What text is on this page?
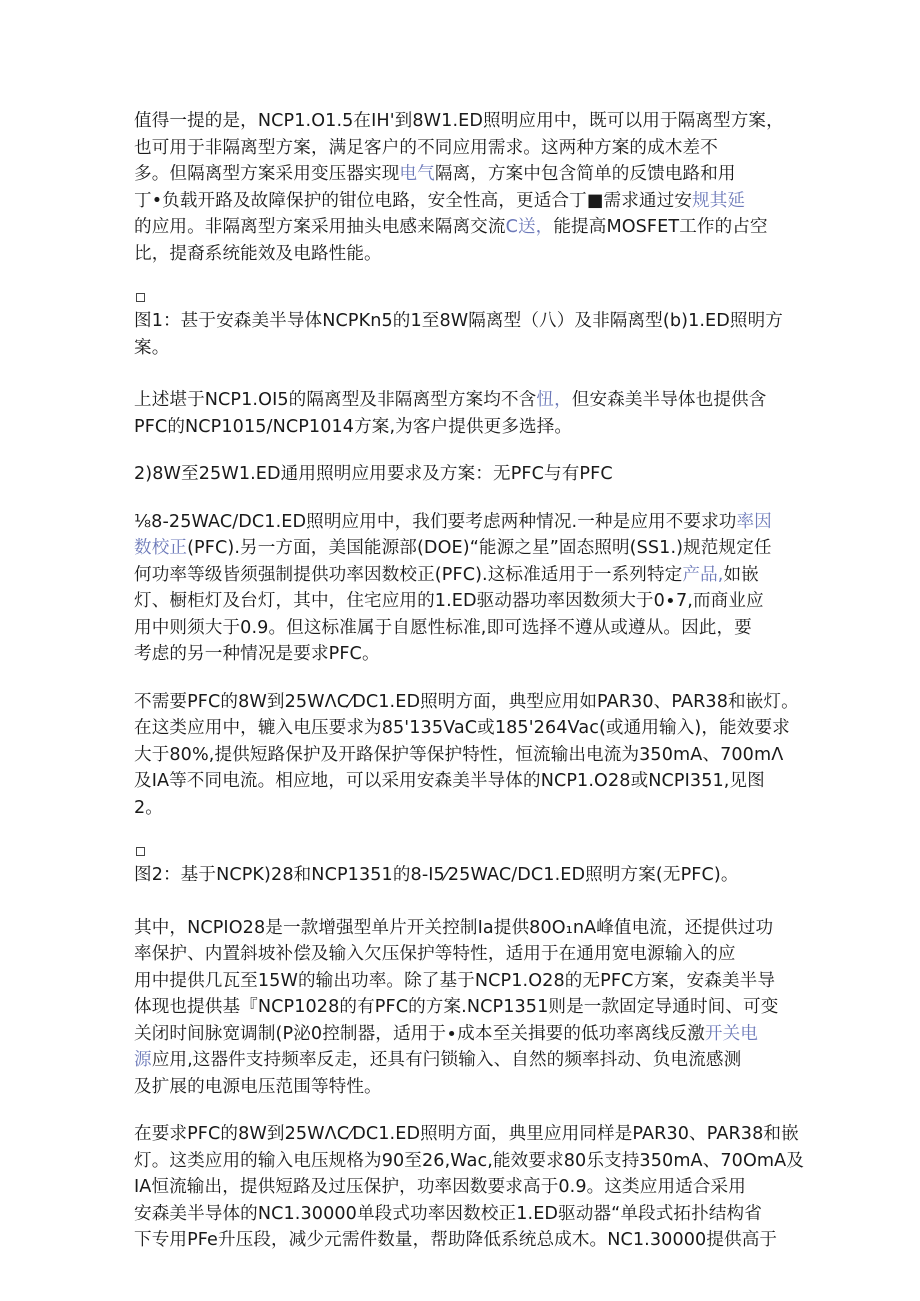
值得一提的是，NCP1.O1.5在IH'到8W1.ED照明应用中，既可以用于隔离型方案，
也可用于非隔离型方案，满足客户的不同应用需求。这两种方案的成木差不
多。但隔离型方案采用变压器实现电气隔离，方案中包含简单的反馈电路和用
丁•负载开路及故障保护的钳位电路，安全性高，更适合丁■需求通过安规其延
的应用。非隔离型方案采用抽头电感来隔离交流C送，能提高MOSFET工作的占空
比，提裔系统能效及电路性能。

图1：甚于安森美半导体NCPKn5的1至8W隔离型（八）及非隔离型(b)1.ED照明方
案。

上述堪于NCP1.OI5的隔离型及非隔离型方案均不含忸，但安森美半导体也提供含
PFC的NCP1015/NCP1014方案,为客户提供更多选择。

2)8W至25W1.ED通用照明应用要求及方案：无PFC与有PFC

⅛8-25WAC/DC1.ED照明应用中，我们要考虑两种情况.一种是应用不要求功率因
数校正(PFC).另一方面，美国能源部(DOE)“能源之星”固态照明(SS1.)规范规定任
何功率等级皆须强制提供功率因数校正(PFC).这标准适用于一系列特定产品,如嵌
灯、橱柜灯及台灯，其中，住宅应用的1.ED驱动器功率因数须大于0∙7,而商业应
用中则须大于0.9。但这标准属于自愿性标准,即可选择不遵从或遵从。因此，要
考虑的另一种情况是要求PFC。

不需要PFC的8W到25WΛC⁄DC1.ED照明方面，典型应用如PAR30、PAR38和嵌灯。
在这类应用中，辘入电压要求为85'135VaC或185'264Vac(或通用输入)，能效要求
大于80%,提供短路保护及开路保护等保护特性，恒流输出电流为350mA、700mΛ
及IA等不同电流。相应地，可以采用安森美半导体的NCP1.O28或NCPI351,见图
2。

图2：基于NCPK)28和NCP1351的8-I5⁄25WAC/DC1.ED照明方案(无PFC)。

其中，NCPIO28是一款增强型单片开关控制Ia提供80O₁nA峰值电流，还提供过功
率保护、内置斜坡补偿及输入欠压保护等特性，适用于在通用宽电源输入的应
用中提供几瓦至15W的输出功率。除了基于NCP1.O28的无PFC方案，安森美半导
体现也提供基『NCP1028的有PFC的方案.NCP1351则是一款固定导通时间、可变
关闭时间脉宽调制(P泌0控制器，适用于∙成本至关揖要的低功率离线反激开关电
源应用,这器件支持频率反走，还具有闩锁输入、自然的频率抖动、负电流感测
及扩展的电源电压范围等特性。

在要求PFC的8W到25WΛC⁄DC1.ED照明方面，典里应用同样是PAR30、PAR38和嵌
灯。这类应用的输入电压规格为90至26,Wac,能效要求80乐支持350mA、70OmA及
IA恒流输出，提供短路及过压保护，功率因数要求高于0.9。这类应用适合采用
安森美半导体的NC1.30000单段式功率因数校正1.ED驱动器“单段式拓扑结构省
下专用PFe升压段，减少元需件数量，帮助降低系统总成木。NC1.30000提供高于
